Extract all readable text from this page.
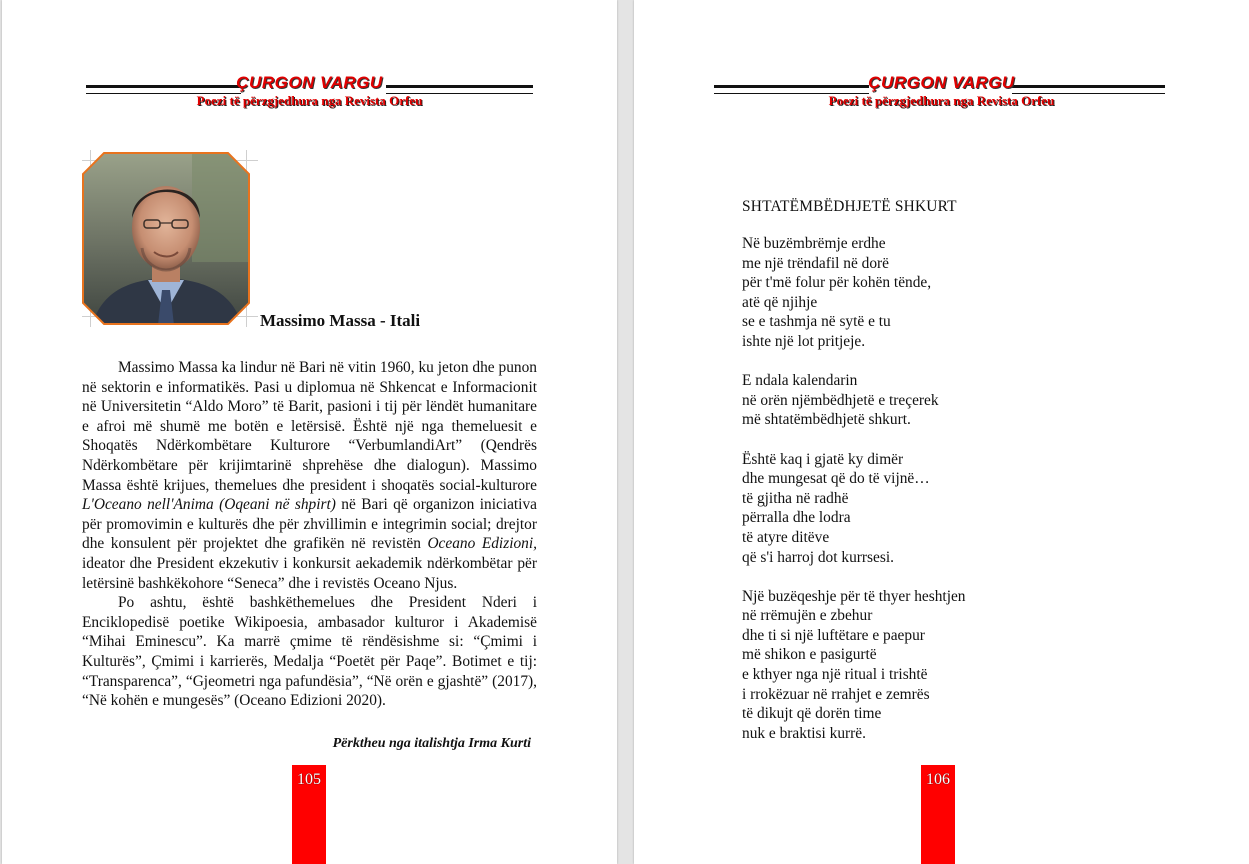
ÇURGON VARGU
Poezi të përzgjedhura nga Revista Orfeu
Massimo Massa - Itali

Massimo Massa ka lindur në Bari në vitin 1960, ku jeton dhe punon në sektorin e informatikës. Pasi u diplomua në Shkencat e Informacionit në Universitetin “Aldo Moro” të Barit, pasioni i tij për lëndët humanitare e afroi më shumë me botën e letërsisë. Është një nga themeluesit e Shoqatës Ndërkombëtare Kulturore “VerbumlandiArt” (Qendrës Ndërkombëtare për krijimtarinë shprehëse dhe dialogun). Massimo Massa është krijues, themelues dhe president i shoqatës social-kulturore L'Oceano nell'Anima (Oqeani në shpirt) në Bari që organizon iniciativa për promovimin e kulturës dhe për zhvillimin e integrimin social; drejtor dhe konsulent për projektet dhe grafikën në revistën Oceano Edizioni, ideator dhe President ekzekutiv i konkursit aekademik ndërkombëtar për letërsinë bashkëkohore “Seneca” dhe i revistës Oceano Njus.

Po ashtu, është bashkëthemelues dhe President Nderi i Enciklopedisë poetike Wikipoesia, ambasador kulturor i Akademisë “Mihai Eminescu”. Ka marrë çmime të rëndësishme si: “Çmimi i Kulturës”, Çmimi i karrierës, Medalja “Poetët për Paqe”. Botimet e tij: “Transparenca”, “Gjeometri nga pafundësia”, “Në orën e gjashtë” (2017), “Në kohën e mungesës” (Oceano Edizioni 2020).

Përktheu nga italishtja Irma Kurti
105
ÇURGON VARGU
Poezi të përzgjedhura nga Revista Orfeu
SHTATËMBËDHJETË SHKURT
Në buzëmbrëmje erdhe
me një trëndafil në dorë
për t'më folur për kohën tënde,
atë që njihje
se e tashmja në sytë e tu
ishte një lot pritjeje.
E ndala kalendarin
në orën njëmbëdhjetë e treçerek
më shtatëmbëdhjetë shkurt.
Është kaq i gjatë ky dimër
dhe mungesat që do të vijnë…
të gjitha në radhë
përralla dhe lodra
të atyre ditëve
që s'i harroj dot kurrsesi.
Një buzëqeshje për të thyer heshtjen
në rrëmujën e zbehur
dhe ti si një luftëtare e paepur
më shikon e pasigurtë
e kthyer nga një ritual i trishtë
i rrokëzuar në rrahjet e zemrës
të dikujt që dorën time
nuk e braktisi kurrë.
106
